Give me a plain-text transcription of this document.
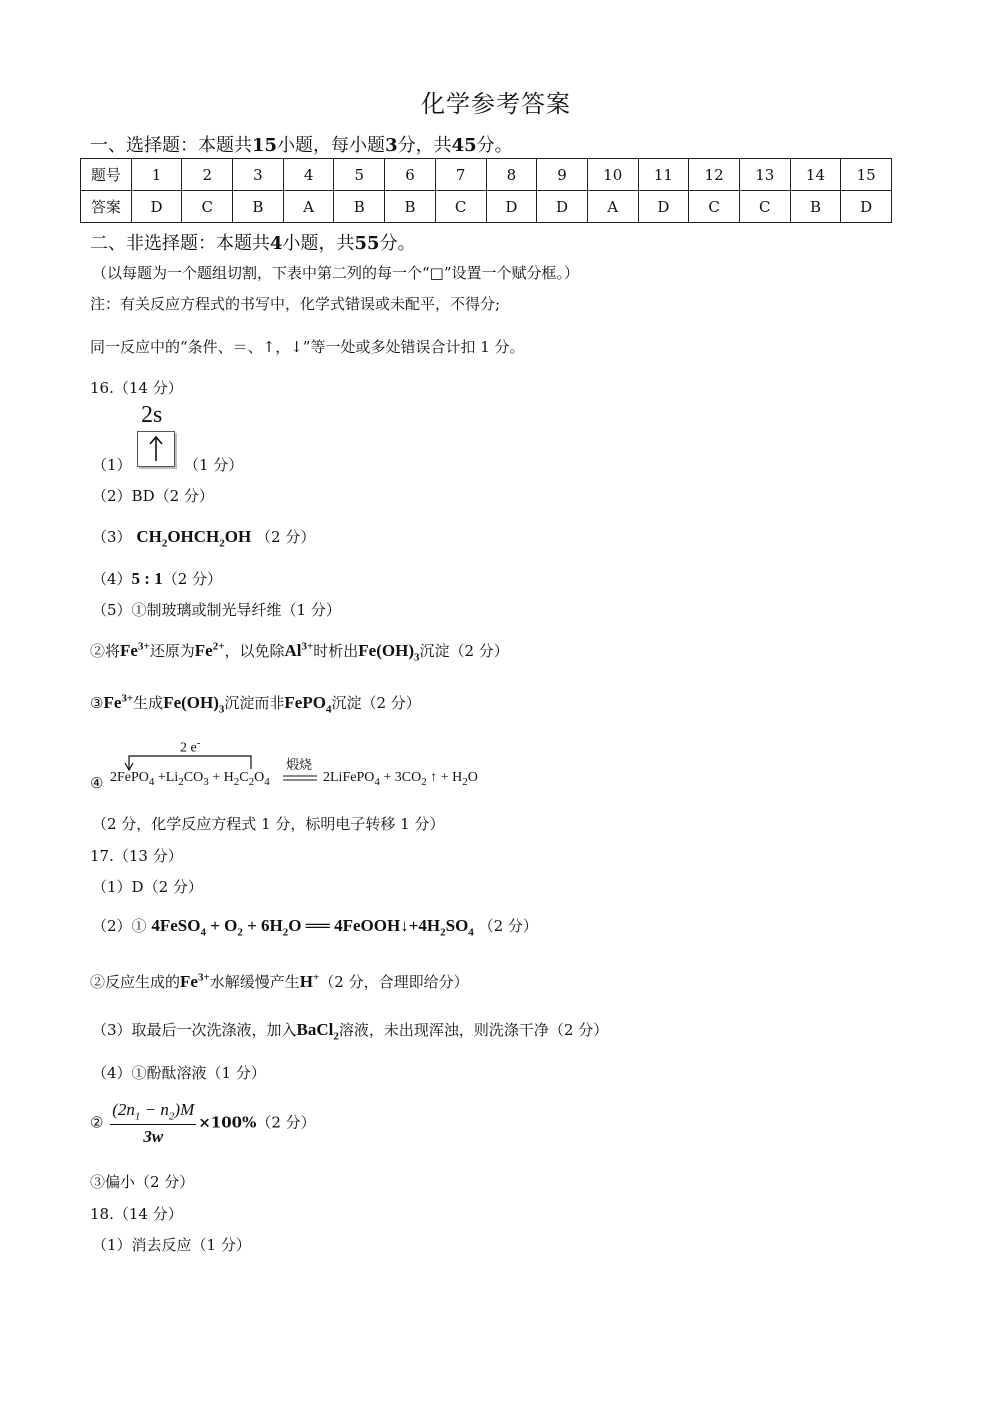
化学参考答案
一、选择题：本题共15小题，每小题3分，共45分。
题号	1	2	3	4	5	6	7	8	9	10	11	12	13	14	15
答案	D	C	B	A	B	B	C	D	D	A	D	C	C	B	D
二、非选择题：本题共4小题，共55分。
（以每题为一个题组切割，下表中第二列的每一个“□”设置一个赋分框。）
注：有关反应方程式的书写中，化学式错误或未配平，不得分;
同一反应中的“条件、＝、↑，↓”等一处或多处错误合计扣 1 分。
16.（14 分）
2s
（1）	（1 分）
（2）BD（2 分）
（3） $CH_2OHCH_2OH$ （2 分）
（4）5 : 1（2 分）
（5）①制玻璃或制光导纤维（1 分）
②将$Fe^{3+}$还原为$Fe^{2+}$，以免除$Al^{3+}$时析出$Fe(OH)_3$沉淀（2 分）
$③Fe^{3+}$生成$Fe(OH)_3$沉淀而非FePO$_4$沉淀（2 分）
④
2 e-
2FePO$_4$ $+Li_2CO_3 + H_2C_2O_4$
煅烧
2LiFePO$_4$ + $3CO_2$ ↑ + $H_2O$
（2 分，化学反应方程式 1 分，标明电子转移 1 分）
17.（13 分）
（1）D（2 分）
（2）① 4FeSO$_4$ + $O_2 + 6H_2O$ ══ $4FeOOH↓+4H_2SO_4$ （2 分）
②反应生成的$Fe^{3+}$水解缓慢产生H+（2 分，合理即给分）
（3）取最后一次洗涤液，加入BaCl$_2$溶液，未出现浑浊，则洗涤干净（2 分）
（4）①酚酞溶液（1 分）
② $\frac{(2n_1 - n_2)M}{3w} \times 100\%(2$ 分）
③偏小（2 分）
18.（14 分）
（1）消去反应（1 分）
